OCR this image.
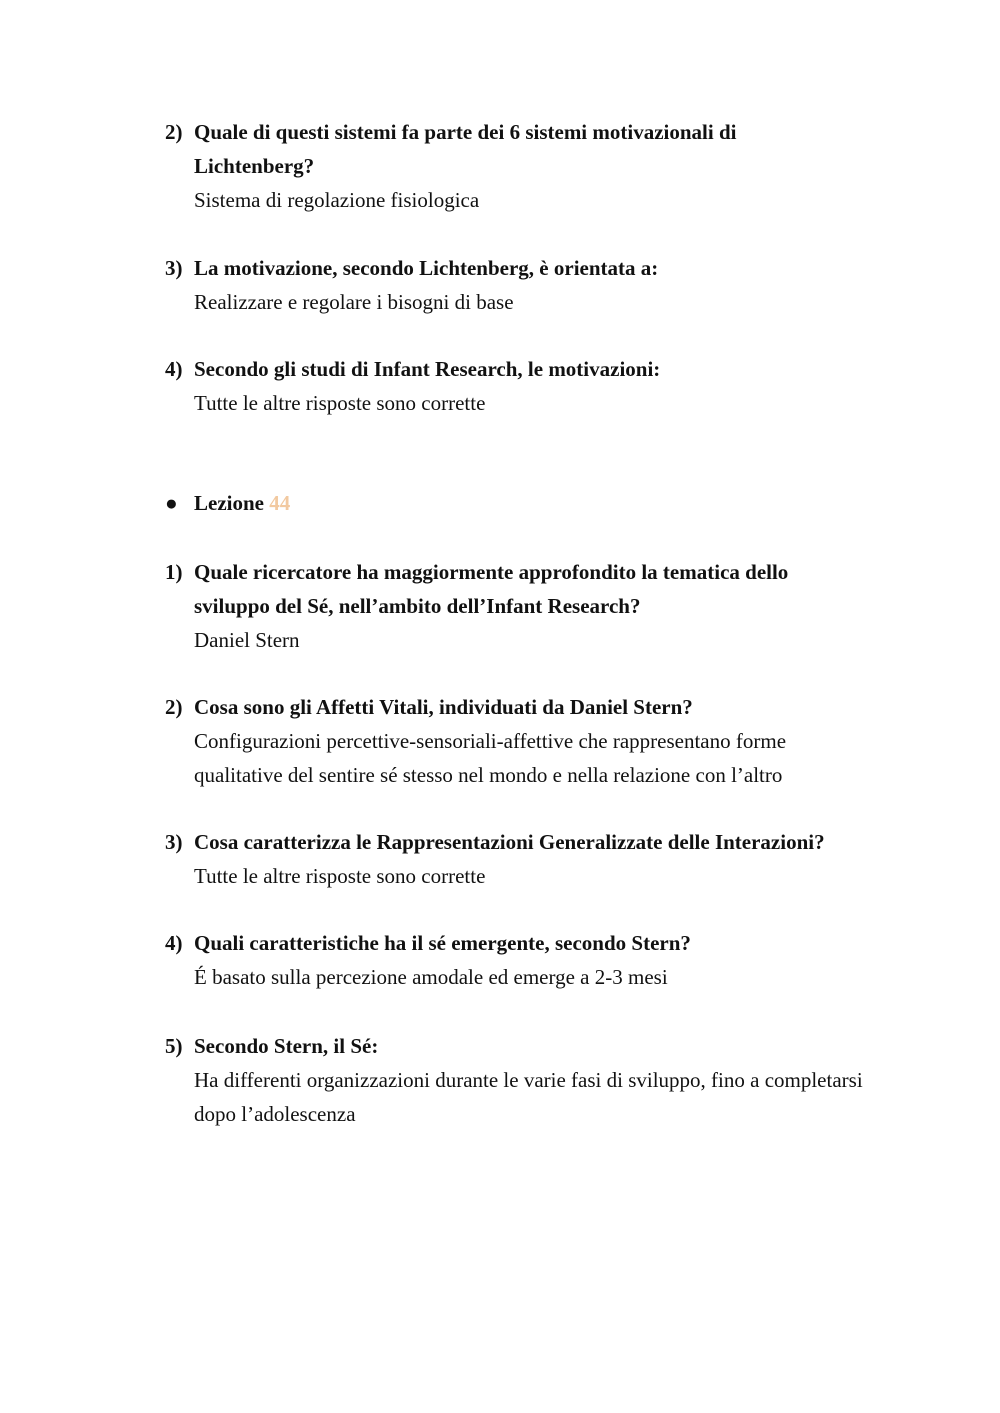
2) Quale di questi sistemi fa parte dei 6 sistemi motivazionali di Lichtenberg?
Sistema di regolazione fisiologica
3) La motivazione, secondo Lichtenberg, è orientata a:
Realizzare e regolare i bisogni di base
4) Secondo gli studi di Infant Research, le motivazioni:
Tutte le altre risposte sono corrette
● Lezione 44
1) Quale ricercatore ha maggiormente approfondito la tematica dello sviluppo del Sé, nell’ambito dell’Infant Research?
Daniel Stern
2) Cosa sono gli Affetti Vitali, individuati da Daniel Stern?
Configurazioni percettive-sensoriali-affettive che rappresentano forme qualitative del sentire sé stesso nel mondo e nella relazione con l’altro
3) Cosa caratterizza le Rappresentazioni Generalizzate delle Interazioni?
Tutte le altre risposte sono corrette
4) Quali caratteristiche ha il sé emergente, secondo Stern?
É basato sulla percezione amodale ed emerge a 2-3 mesi
5) Secondo Stern, il Sé:
Ha differenti organizzazioni durante le varie fasi di sviluppo, fino a completarsi dopo l’adolescenza
